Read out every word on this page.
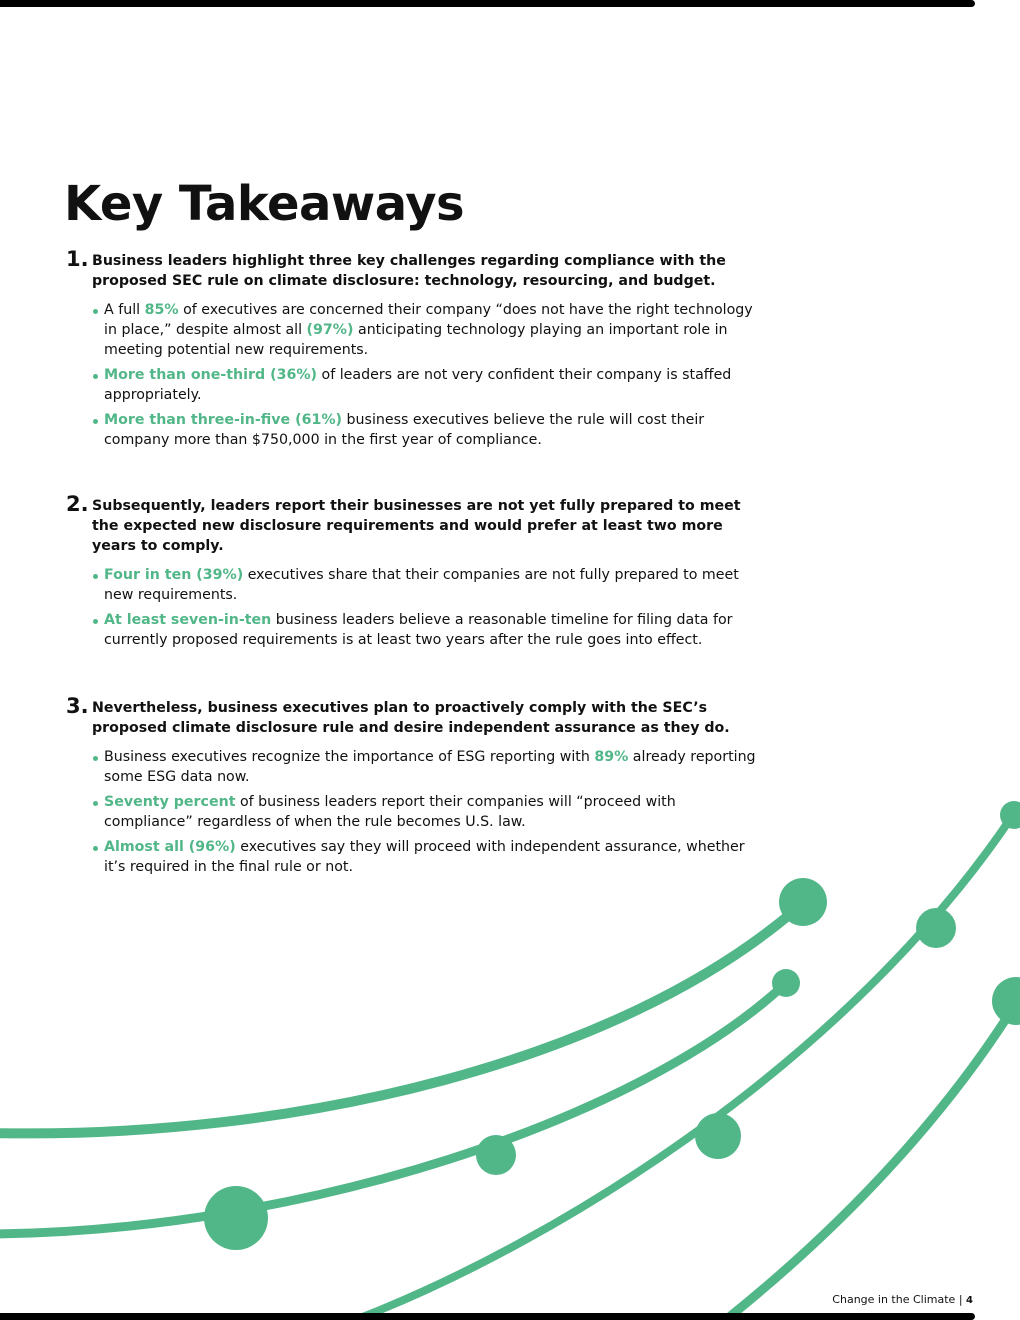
Key Takeaways
1. Business leaders highlight three key challenges regarding compliance with the proposed SEC rule on climate disclosure: technology, resourcing, and budget.
A full 85% of executives are concerned their company “does not have the right technology in place,” despite almost all (97%) anticipating technology playing an important role in meeting potential new requirements.
More than one-third (36%) of leaders are not very confident their company is staffed appropriately.
More than three-in-five (61%) business executives believe the rule will cost their company more than $750,000 in the first year of compliance.
2. Subsequently, leaders report their businesses are not yet fully prepared to meet the expected new disclosure requirements and would prefer at least two more years to comply.
Four in ten (39%) executives share that their companies are not fully prepared to meet new requirements.
At least seven-in-ten business leaders believe a reasonable timeline for filing data for currently proposed requirements is at least two years after the rule goes into effect.
3. Nevertheless, business executives plan to proactively comply with the SEC’s proposed climate disclosure rule and desire independent assurance as they do.
Business executives recognize the importance of ESG reporting with 89% already reporting some ESG data now.
Seventy percent of business leaders report their companies will “proceed with compliance” regardless of when the rule becomes U.S. law.
Almost all (96%) executives say they will proceed with independent assurance, whether it’s required in the final rule or not.
Change in the Climate | 4
